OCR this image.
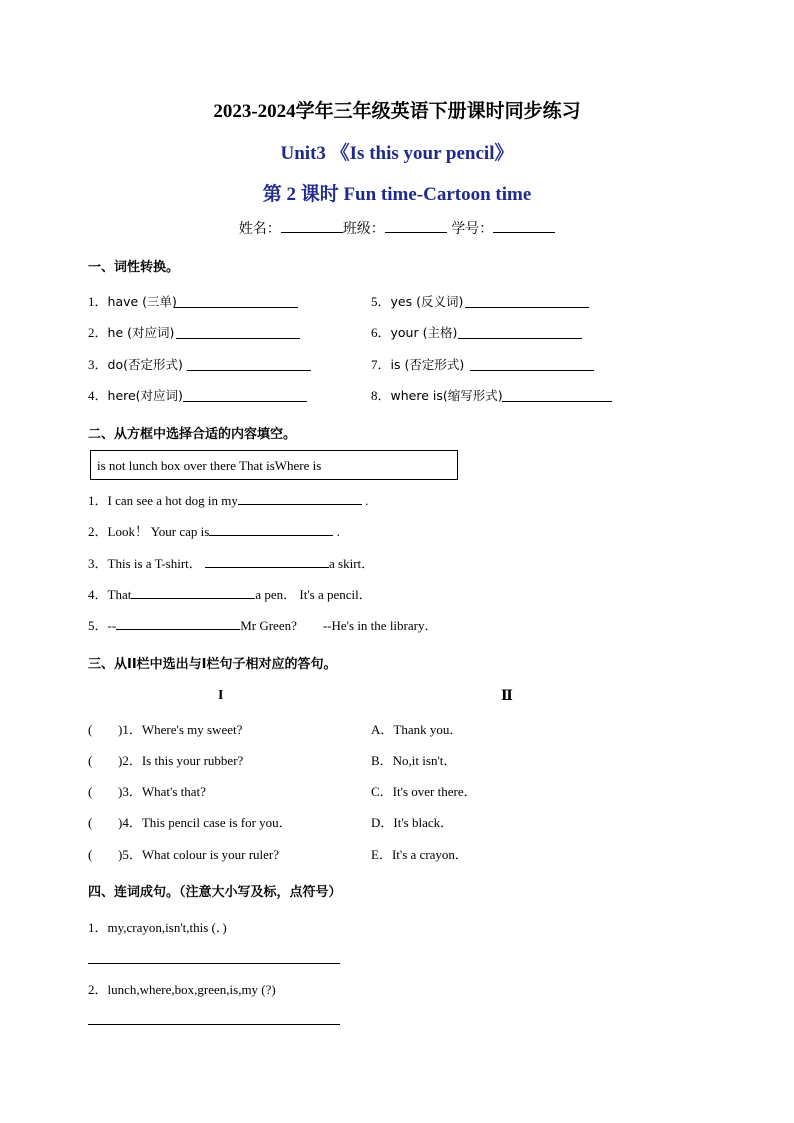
2023-2024学年三年级英语下册课时同步练习
Unit3 《Is this your pencil》
第 2 课时 Fun time-Cartoon time
姓名：	班级：	学号：
一、词性转换。
1．have (三单)
2．he (对应词)
3．do(否定形式)
4．here(对应词)
5．yes (反义词)
6．your (主格)
7．is (否定形式)
8．where is(缩写形式)
二、从方框中选择合适的内容填空。
is not lunch box over there That isWhere is
1．I can see a hot dog in my	.
2．Look！ Your cap is	.
3．This is a T-shirt．	a skirt．
4．That	a pen． It's a pencil．
5．--	Mr Green?        --He's in the library．
三、从II栏中选出与I栏句子相对应的答句。
I	Ⅱ
( )1．Where's my sweet?
( )2．Is this your rubber?
( )3．What's that?
( )4．This pencil case is for you．
( )5．What colour is your ruler?
A．Thank you．
B．No,it isn't．
C．It's over there．
D．It's black．
E．It's a crayon．
四、连词成句。（注意大小写及标，点符号）
1．my,crayon,isn't,this (．)
2．lunch,where,box,green,is,my (?)
